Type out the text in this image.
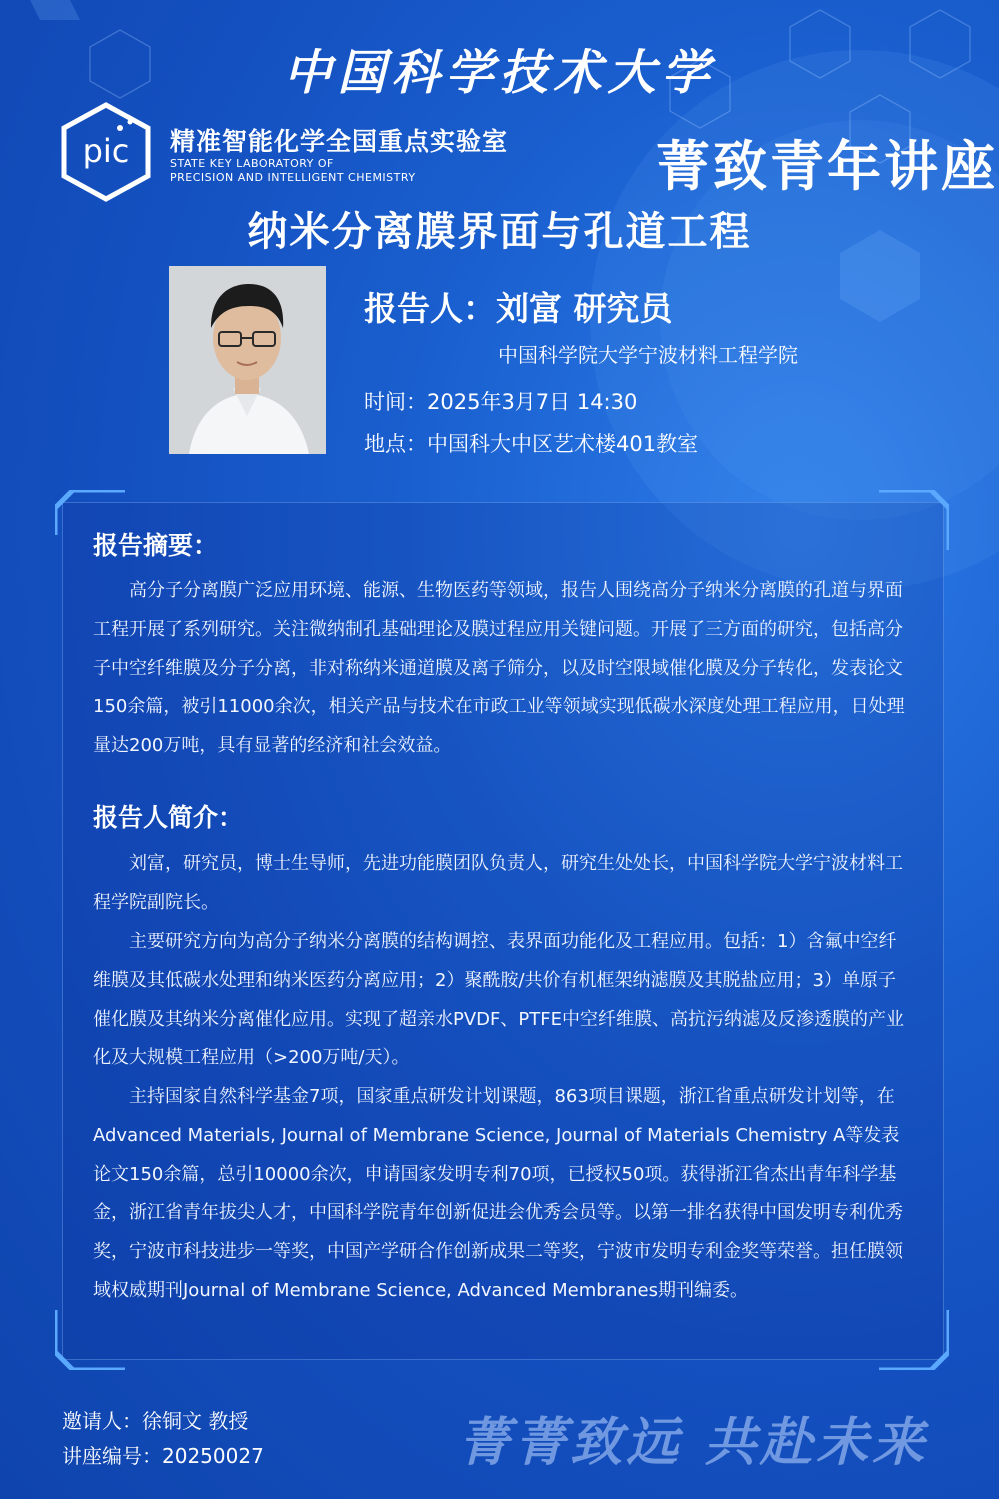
中国科学技术大学
pic 精准智能化学全国重点实验室
STATE KEY LABORATORY OF
PRECISION AND INTELLIGENT CHEMISTRY	菁致青年讲座
纳米分离膜界面与孔道工程
报告人：刘富 研究员
中国科学院大学宁波材料工程学院
时间：2025年3月7日 14:30
地点：中国科大中区艺术楼401教室
报告摘要：
高分子分离膜广泛应用环境、能源、生物医药等领域，报告人围绕高分子纳米分离膜的孔道与界面工程开展了系列研究。关注微纳制孔基础理论及膜过程应用关键问题。开展了三方面的研究，包括高分子中空纤维膜及分子分离，非对称纳米通道膜及离子筛分，以及时空限域催化膜及分子转化，发表论文150余篇，被引11000余次，相关产品与技术在市政工业等领域实现低碳水深度处理工程应用，日处理量达200万吨，具有显著的经济和社会效益。
报告人简介：
刘富，研究员，博士生导师，先进功能膜团队负责人，研究生处处长，中国科学院大学宁波材料工程学院副院长。
主要研究方向为高分子纳米分离膜的结构调控、表界面功能化及工程应用。包括：1）含氟中空纤维膜及其低碳水处理和纳米医药分离应用；2）聚酰胺/共价有机框架纳滤膜及其脱盐应用；3）单原子催化膜及其纳米分离催化应用。实现了超亲水PVDF、PTFE中空纤维膜、高抗污纳滤及反渗透膜的产业化及大规模工程应用（>200万吨/天）。
主持国家自然科学基金7项，国家重点研发计划课题，863项目课题，浙江省重点研发计划等，在Advanced Materials, Journal of Membrane Science, Journal of Materials Chemistry A等发表论文150余篇，总引10000余次，申请国家发明专利70项，已授权50项。获得浙江省杰出青年科学基金，浙江省青年拔尖人才，中国科学院青年创新促进会优秀会员等。以第一排名获得中国发明专利优秀奖，宁波市科技进步一等奖，中国产学研合作创新成果二等奖，宁波市发明专利金奖等荣誉。担任膜领域权威期刊Journal of Membrane Science, Advanced Membranes期刊编委。
邀请人：徐铜文 教授
讲座编号：20250027	菁菁致远 共赴未来
